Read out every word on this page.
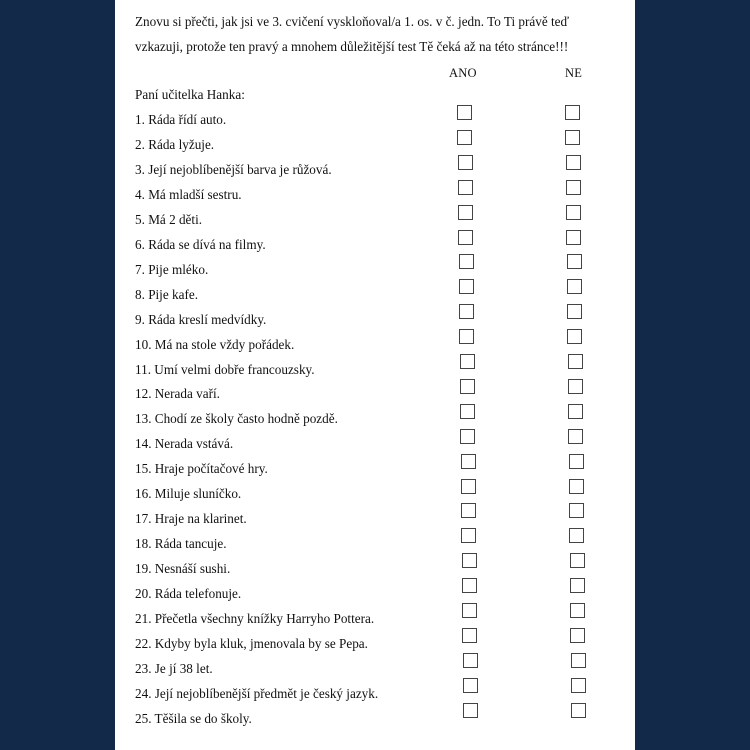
Znovu si přečti, jak jsi ve 3. cvičení vyskloňoval/a 1. os. v č. jedn. To Ti právě teď
vzkazuji, protože ten pravý a mnohem důležitější test Tě čeká až na této stránce!!!
ANO	NE
Paní učitelka Hanka:
1. Ráda řídí auto.
2. Ráda lyžuje.
3. Její nejoblíbenější barva je růžová.
4. Má mladší sestru.
5. Má 2 děti.
6. Ráda se dívá na filmy.
7. Pije mléko.
8. Pije kafe.
9. Ráda kreslí medvídky.
10. Má na stole vždy pořádek.
11. Umí velmi dobře francouzsky.
12. Nerada vaří.
13. Chodí ze školy často hodně pozdě.
14. Nerada vstává.
15. Hraje počítačové hry.
16. Miluje sluníčko.
17. Hraje na klarinet.
18. Ráda tancuje.
19. Nesnáší sushi.
20. Ráda telefonuje.
21. Přečetla všechny knížky Harryho Pottera.
22. Kdyby byla kluk, jmenovala by se Pepa.
23. Je jí 38 let.
24. Její nejoblíbenější předmět je český jazyk.
25. Těšila se do školy.
